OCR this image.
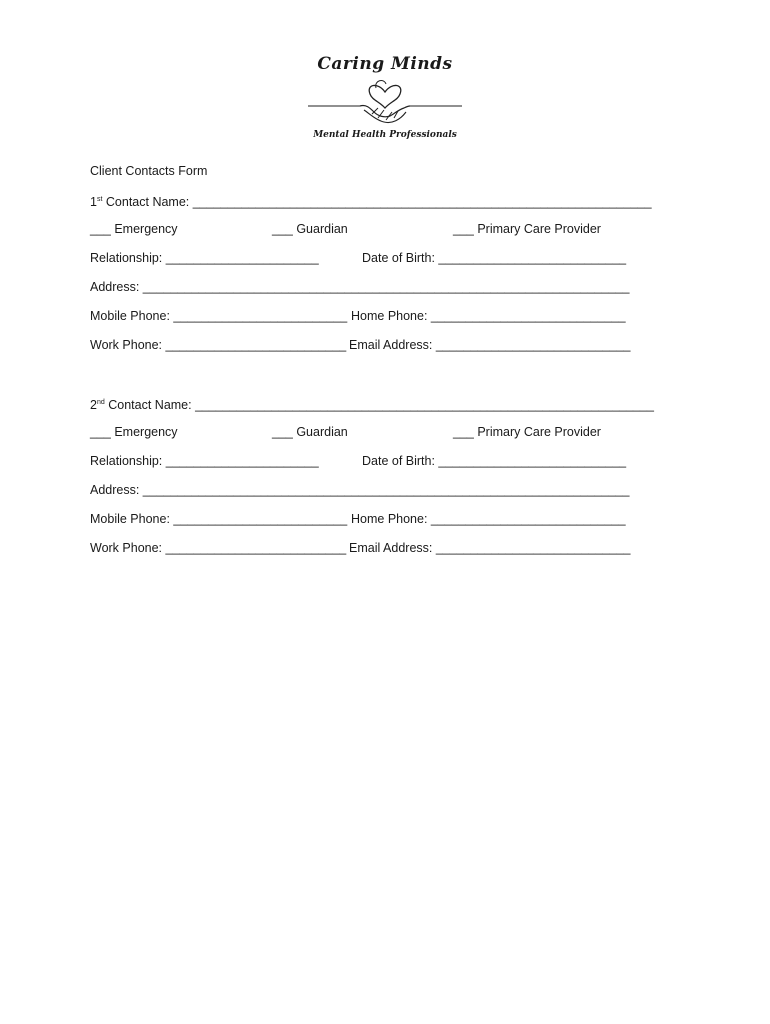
Caring Minds
Mental Health Professionals
Client Contacts Form
1st Contact Name: __________________________________________________________________
___ Emergency	___ Guardian	___ Primary Care Provider
Relationship: ______________________	Date of Birth: ___________________________
Address: ______________________________________________________________________
Mobile Phone: _________________________ Home Phone: ____________________________
Work Phone: __________________________ Email Address: ____________________________
2nd Contact Name: __________________________________________________________________
___ Emergency	___ Guardian	___ Primary Care Provider
Relationship: ______________________	Date of Birth: ___________________________
Address: ______________________________________________________________________
Mobile Phone: _________________________ Home Phone: ____________________________
Work Phone: __________________________ Email Address: ____________________________
